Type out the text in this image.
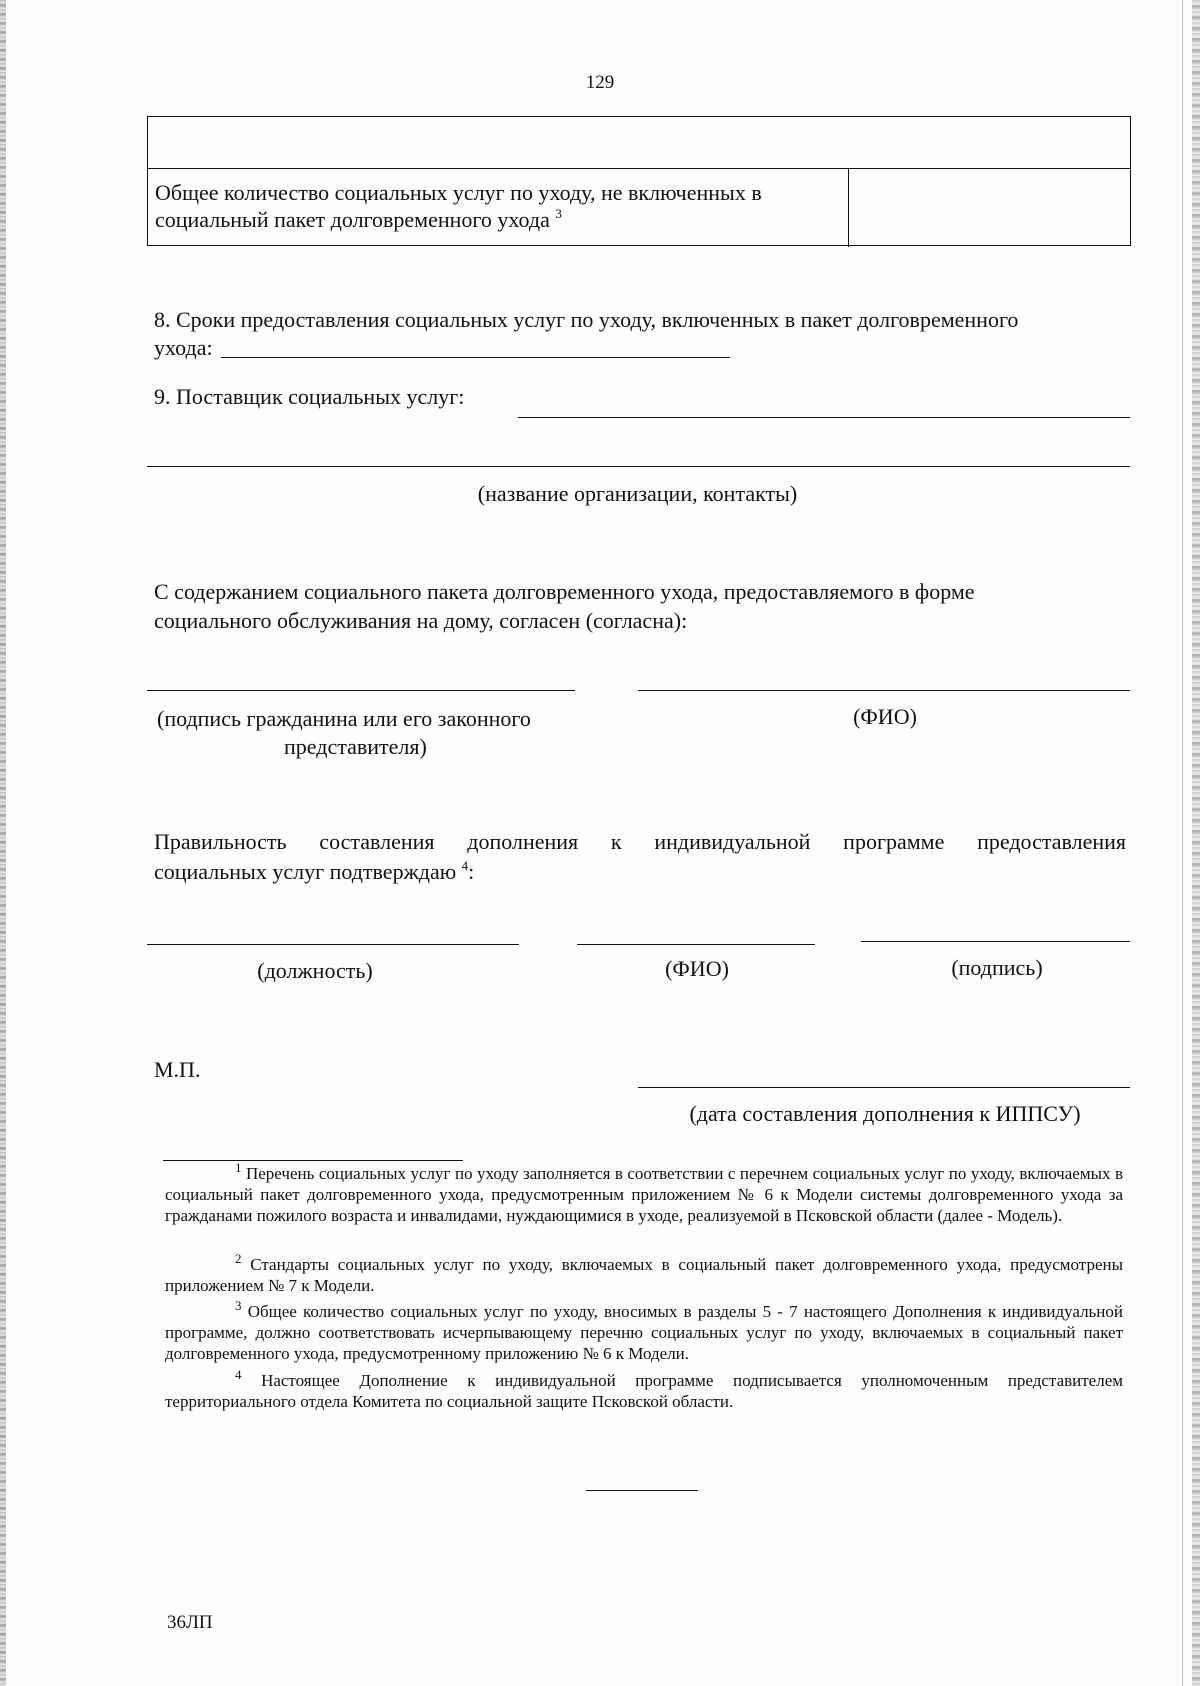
129
Общее количество социальных услуг по уходу, не включенных в социальный пакет долговременного ухода $^3$
8. Сроки предоставления социальных услуг по уходу, включенных в пакет долговременного
ухода:
9. Поставщик социальных услуг:
(название организации, контакты)
С содержанием социального пакета долговременного ухода, предоставляемого в форме
социального обслуживания на дому, согласен (согласна):
(подпись гражданина или его законного
представителя)
(ФИО)
Правильность составления дополнения к индивидуальной программе предоставления
социальных услуг подтверждаю $^4$:
(должность)	(ФИО)	(подпись)
М.П.
(дата составления дополнения к ИППСУ)
$^1$ Перечень социальных услуг по уходу заполняется в соответствии с перечнем социальных услуг по уходу, включаемых в социальный пакет долговременного ухода, предусмотренным приложением № 6 к Модели системы долговременного ухода за гражданами пожилого возраста и инвалидами, нуждающимися в уходе, реализуемой в Псковской области (далее - Модель).
$^2$ Стандарты социальных услуг по уходу, включаемых в социальный пакет долговременного ухода, предусмотрены приложением № 7 к Модели.
$^3$ Общее количество социальных услуг по уходу, вносимых в разделы 5 - 7 настоящего Дополнения к индивидуальной программе, должно соответствовать исчерпывающему перечню социальных услуг по уходу, включаемых в социальный пакет долговременного ухода, предусмотренному приложению № 6 к Модели.
$^4$ Настоящее Дополнение к индивидуальной программе подписывается уполномоченным представителем территориального отдела Комитета по социальной защите Псковской области.
36ЛП
